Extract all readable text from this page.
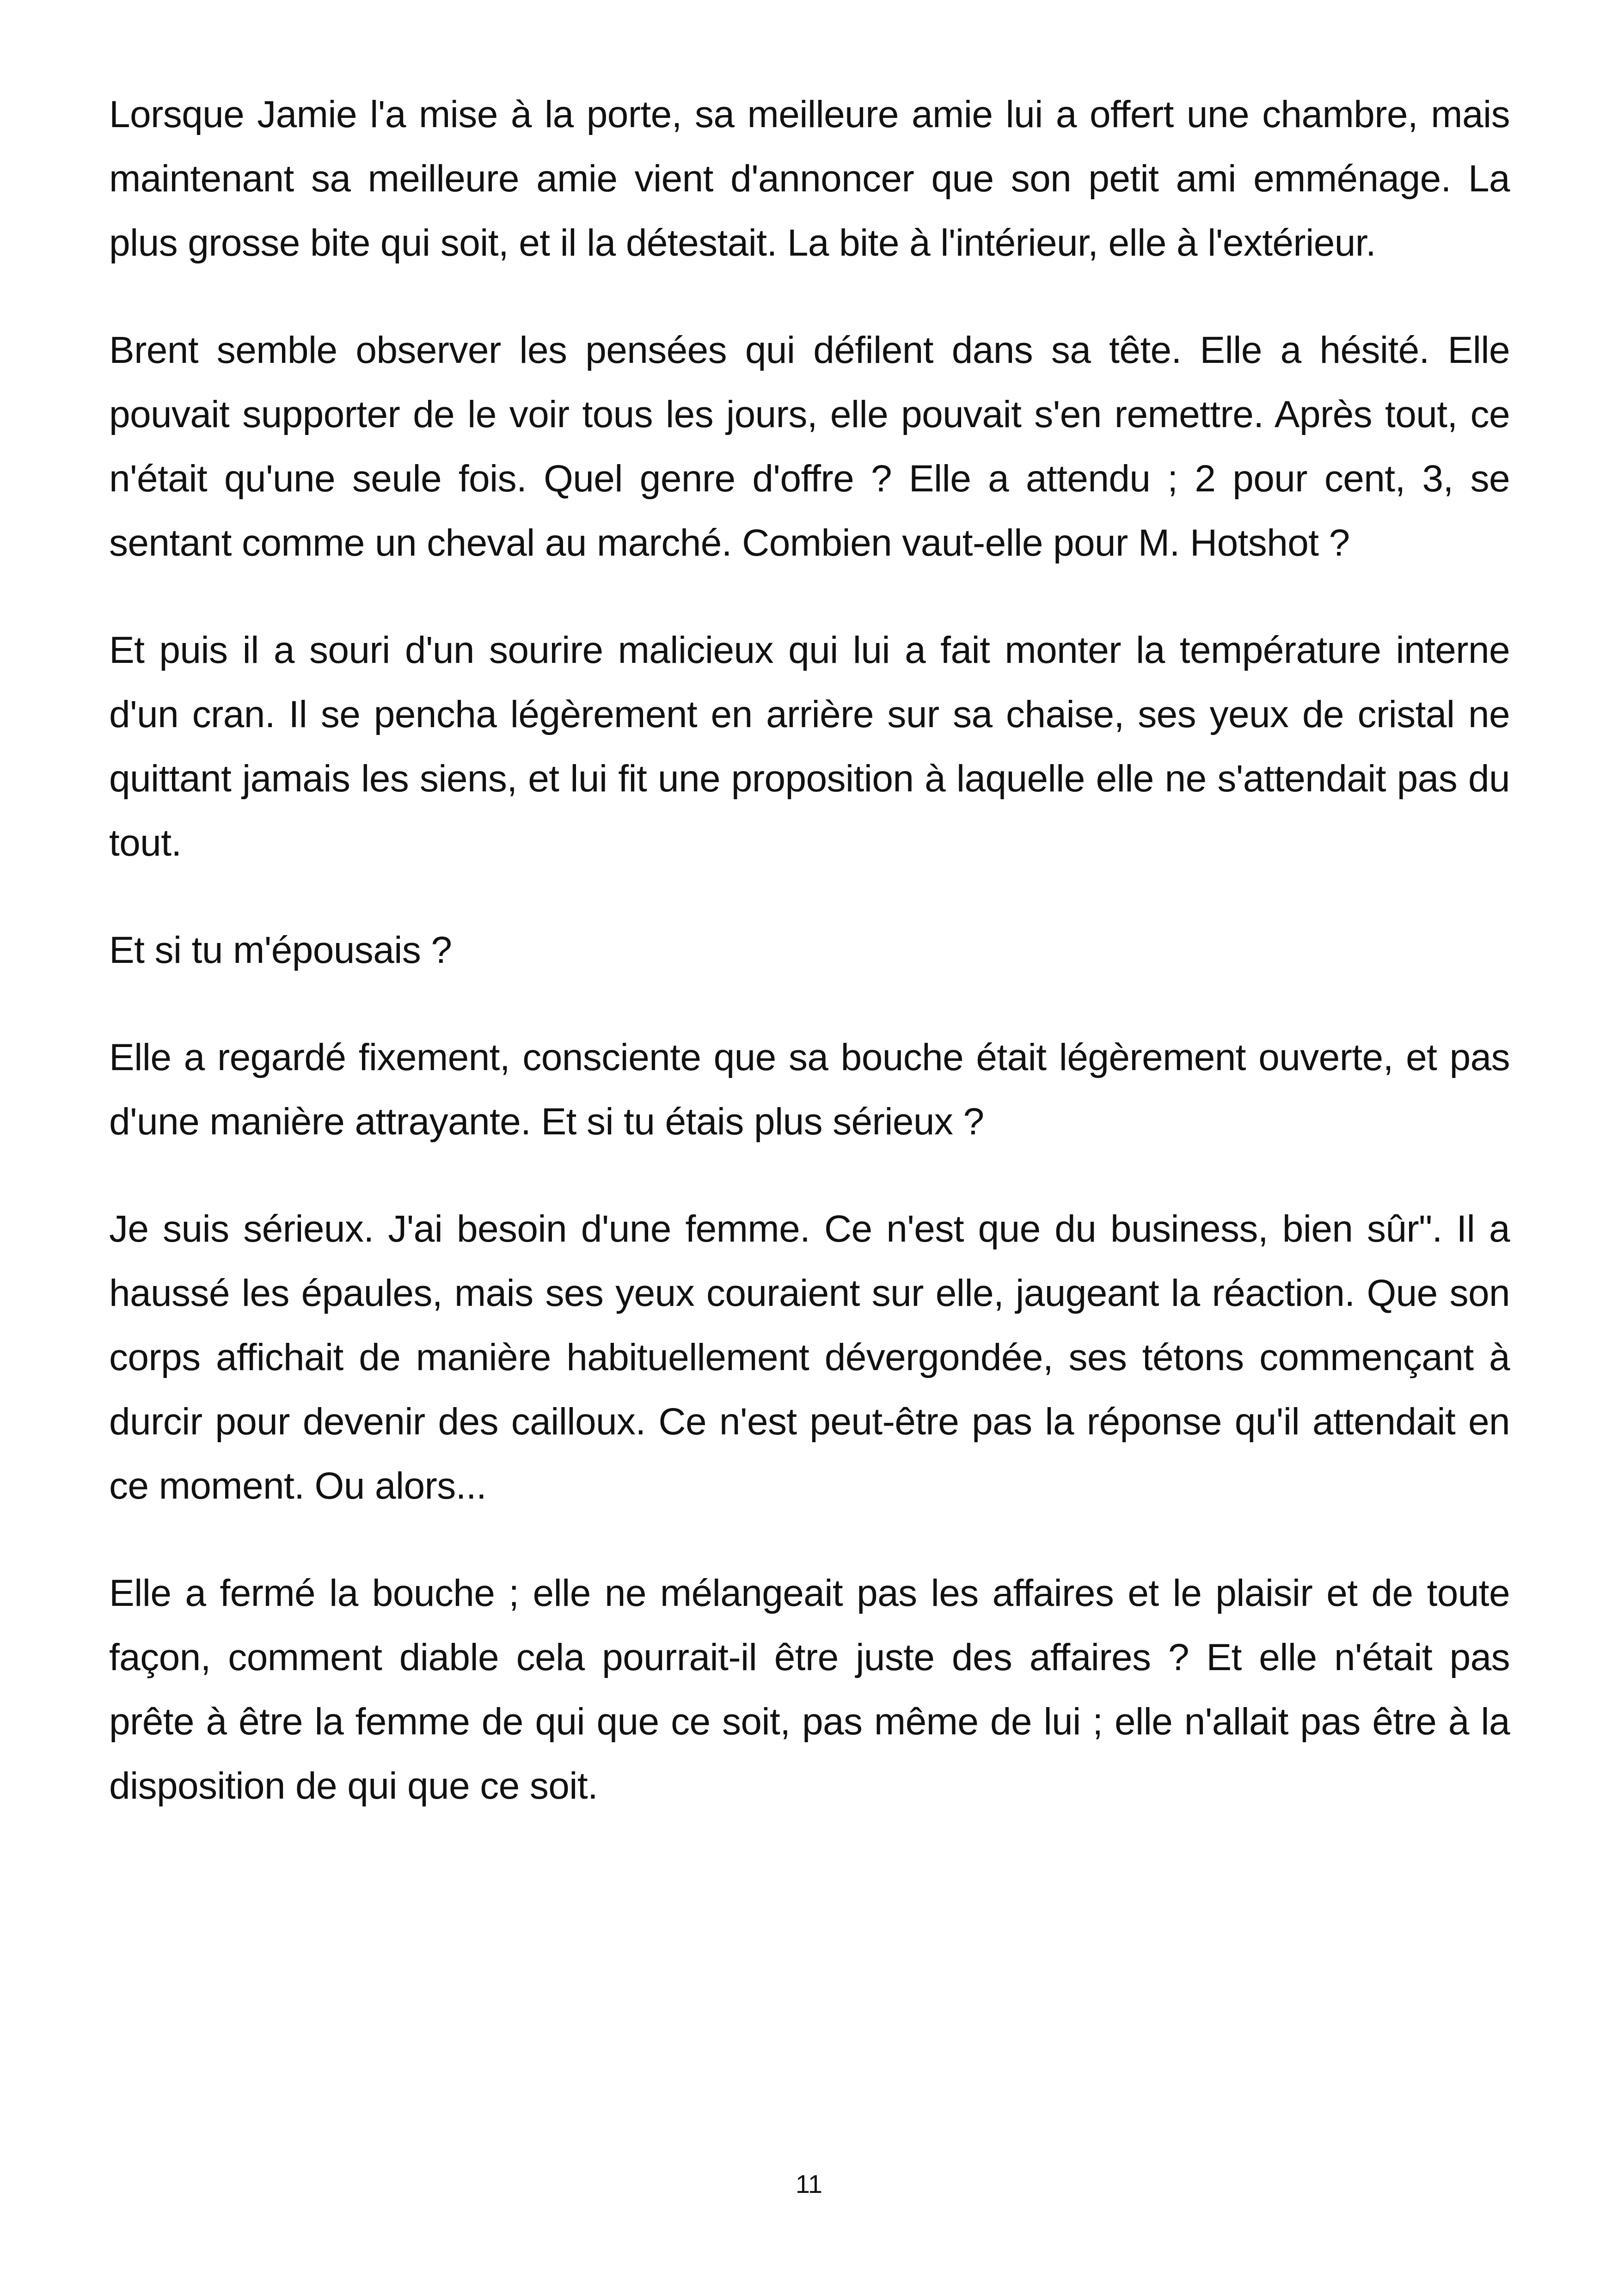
Lorsque Jamie l'a mise à la porte, sa meilleure amie lui a offert une chambre, mais maintenant sa meilleure amie vient d'annoncer que son petit ami emménage. La plus grosse bite qui soit, et il la détestait. La bite à l'intérieur, elle à l'extérieur.

Brent semble observer les pensées qui défilent dans sa tête. Elle a hésité. Elle pouvait supporter de le voir tous les jours, elle pouvait s'en remettre. Après tout, ce n'était qu'une seule fois. Quel genre d'offre ? Elle a attendu ; 2 pour cent, 3, se sentant comme un cheval au marché. Combien vaut-elle pour M. Hotshot ?

Et puis il a souri d'un sourire malicieux qui lui a fait monter la température interne d'un cran. Il se pencha légèrement en arrière sur sa chaise, ses yeux de cristal ne quittant jamais les siens, et lui fit une proposition à laquelle elle ne s'attendait pas du tout.

Et si tu m'épousais ?

Elle a regardé fixement, consciente que sa bouche était légèrement ouverte, et pas d'une manière attrayante. Et si tu étais plus sérieux ?

Je suis sérieux. J'ai besoin d'une femme. Ce n'est que du business, bien sûr". Il a haussé les épaules, mais ses yeux couraient sur elle, jaugeant la réaction. Que son corps affichait de manière habituellement dévergondée, ses tétons commençant à durcir pour devenir des cailloux. Ce n'est peut-être pas la réponse qu'il attendait en ce moment. Ou alors...

Elle a fermé la bouche ; elle ne mélangeait pas les affaires et le plaisir et de toute façon, comment diable cela pourrait-il être juste des affaires ? Et elle n'était pas prête à être la femme de qui que ce soit, pas même de lui ; elle n'allait pas être à la disposition de qui que ce soit.

11
